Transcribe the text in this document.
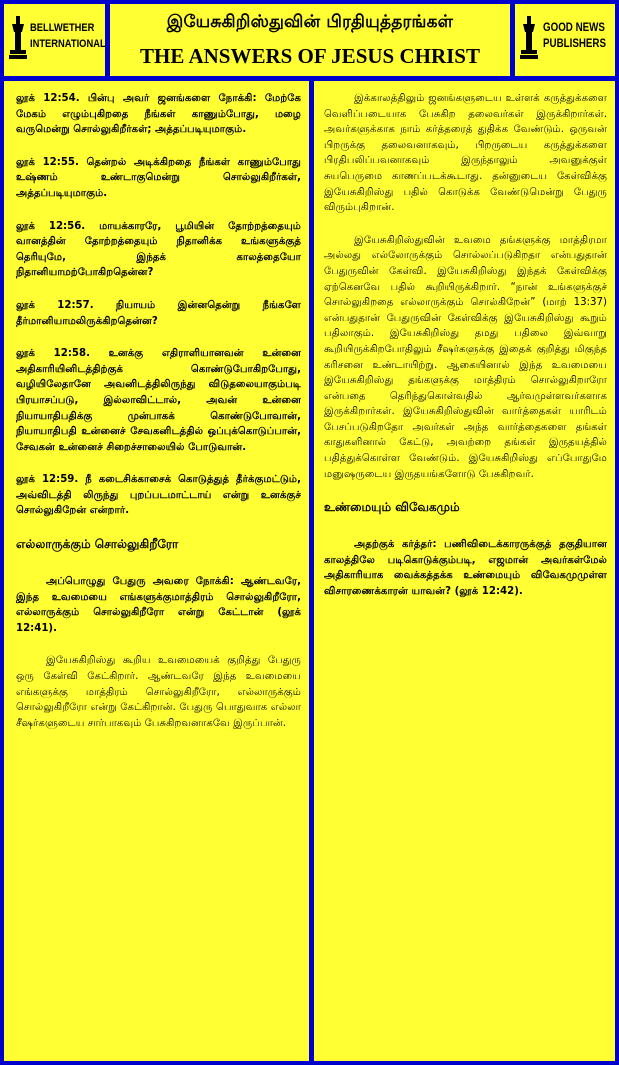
BELLWETHER
INTERNATIONAL
இயேசுகிறிஸ்துவின் பிரதியுத்தரங்கள்
THE ANSWERS OF JESUS CHRIST
GOOD NEWS
PUBLISHERS

லூக் 12:54. பின்பு அவர் ஜனங்களை நோக்கி: மேற்கே மேகம் எழும்புகிறதை நீங்கள் காணும்போது, மழை வருமென்று சொல்லுகிறீர்கள்; அத்தப்படியுமாகும்.

லூக் 12:55. தென்றல் அடிக்கிறதை நீங்கள் காணும்போது உஷ்ணம் உண்டாகுமென்று சொல்லுகிறீர்கள், அத்தப்படியுமாகும்.

லூக் 12:56. மாயக்காரரே, பூமியின் தோற்றத்தையும் வானத்தின் தோற்றத்தையும் நிதானிக்க உங்களுக்குத் தெரியுமே, இந்தக் காலத்தையோ நிதானியாமற்போகிறதென்ன?

லூக் 12:57. நியாயம் இன்னதென்று நீங்களே தீர்மானியாமலிருக்கிறதென்ன?

லூக் 12:58. உனக்கு எதிராளியானவன் உன்னை அதிகாரியினிடத்திற்குக் கொண்டுபோகிறபோது, வழியிலேதானே அவனிடத்திலிருந்து விடுதலையாகும்படி பிரயாசப்படு, இல்லாவிட்டால், அவன் உன்னை நியாயாதிபதிக்கு முன்பாகக் கொண்டுபோவான், நியாயாதிபதி உன்னைச் சேவகனிடத்தில் ஒப்புக்கொடுப்பான், சேவகன் உன்னைச் சிறைச்சாலையில் போடுவான்.

லூக் 12:59. நீ கடைசிக்காசைக் கொடுத்துத் தீர்க்குமட்டும், அவ்விடத்தி லிருந்து புறப்படமாட்டாய் என்று உனக்குச் சொல்லுகிறேன் என்றார்.

எல்லாருக்கும் சொல்லுகிறீரோ

அப்பொழுது பேதுரு அவரை நோக்கி: ஆண்டவரே, இந்த உவமையை எங்களுக்குமாத்திரம் சொல்லுகிறீரோ, எல்லாருக்கும் சொல்லுகிறீரோ என்று கேட்டான் (லூக் 12:41).

இயேசுகிறிஸ்து கூறிய உவமையைக் குறித்து பேதுரு ஒரு கேள்வி கேட்கிறார். ஆண்டவரே இந்த உவமையை எங்களுக்கு மாத்திரம் சொல்லுகிறீரோ, எல்லாருக்கும் சொல்லுகிறீரோ என்று கேட்கிறான். பேதுரு பொதுவாக எல்லா சீஷர்களுடைய சார்பாகவும் பேசுகிறவனாகவே இருப்பான்.

இக்காலத்திலும் ஜனங்களுடைய உள்ளக் கருத்துக்களை வெளிப்படையாக பேசுகிற தலைவர்கள் இருக்கிறார்கள். அவர்களுக்காக நாம் கர்த்தரைத் துதிக்க வேண்டும். ஒருவன் பிறருக்கு தலைவனாகவும், பிறருடைய கருத்துக்களை பிரதிபலிப்பவனாகவும் இருந்தாலும் அவனுக்குள் சுயபெருமை காணப்படக்கூடாது. தன்னுடைய கேள்விக்கு இயேசுகிறிஸ்து பதில் கொடுக்க வேண்டுமென்று பேதுரு விரும்புகிறான்.

இயேசுகிறிஸ்துவின் உவமை தங்களுக்கு மாத்திரமா அல்லது எல்லோருக்கும் சொல்லப்படுகிறதா என்பதுதான் பேதுருவின் கேள்வி. இயேசுகிறிஸ்து இந்தக் கேள்விக்கு ஏற்கெனவே பதில் கூறியிருக்கிறார். “நான் உங்களுக்குச் சொல்லுகிறதை எல்லாருக்கும் சொல்கிறேன்” (மாற் 13:37) என்பதுதான் பேதுருவின் கேள்விக்கு இயேசுகிறிஸ்து கூறும் பதிலாகும். இயேசுகிறிஸ்து தமது பதிலை இவ்வாறு கூறியிருக்கிறபோதிலும் சீஷர்களுக்கு இதைக் குறித்து மிகுந்த கரிசனை உண்டாயிற்று. ஆகையினால் இந்த உவமையை இயேசுகிறிஸ்து தங்களுக்கு மாத்திரம் சொல்லுகிறாரோ என்பதை தெரிந்துகொள்வதில் ஆர்வமுள்ளவர்களாக இருக்கிறார்கள். இயேசுகிறிஸ்துவின் வார்த்தைகள் யாரிடம் பேசப்படுகிறதோ அவர்கள் அந்த வார்த்தைகளை தங்கள் காதுகளினால் கேட்டு, அவற்றை தங்கள் இருதயத்தில் பதித்துக்கொள்ள வேண்டும். இயேசுகிறிஸ்து எப்போதுமே மனுஷருடைய இருதயங்களோடு பேசுகிறவர்.

உண்மையும் விவேகமும்

அதற்குக் கர்த்தர்: பணிவிடைக்காரருக்குத் தகுதியான காலத்திலே படிகொடுக்கும்படி, எஜமான் அவர்கள்மேல் அதிகாரியாக வைக்கத்தக்க உண்மையும் விவேகமுமுள்ள விசாரணைக்காரன் யாவன்? (லூக் 12:42).
